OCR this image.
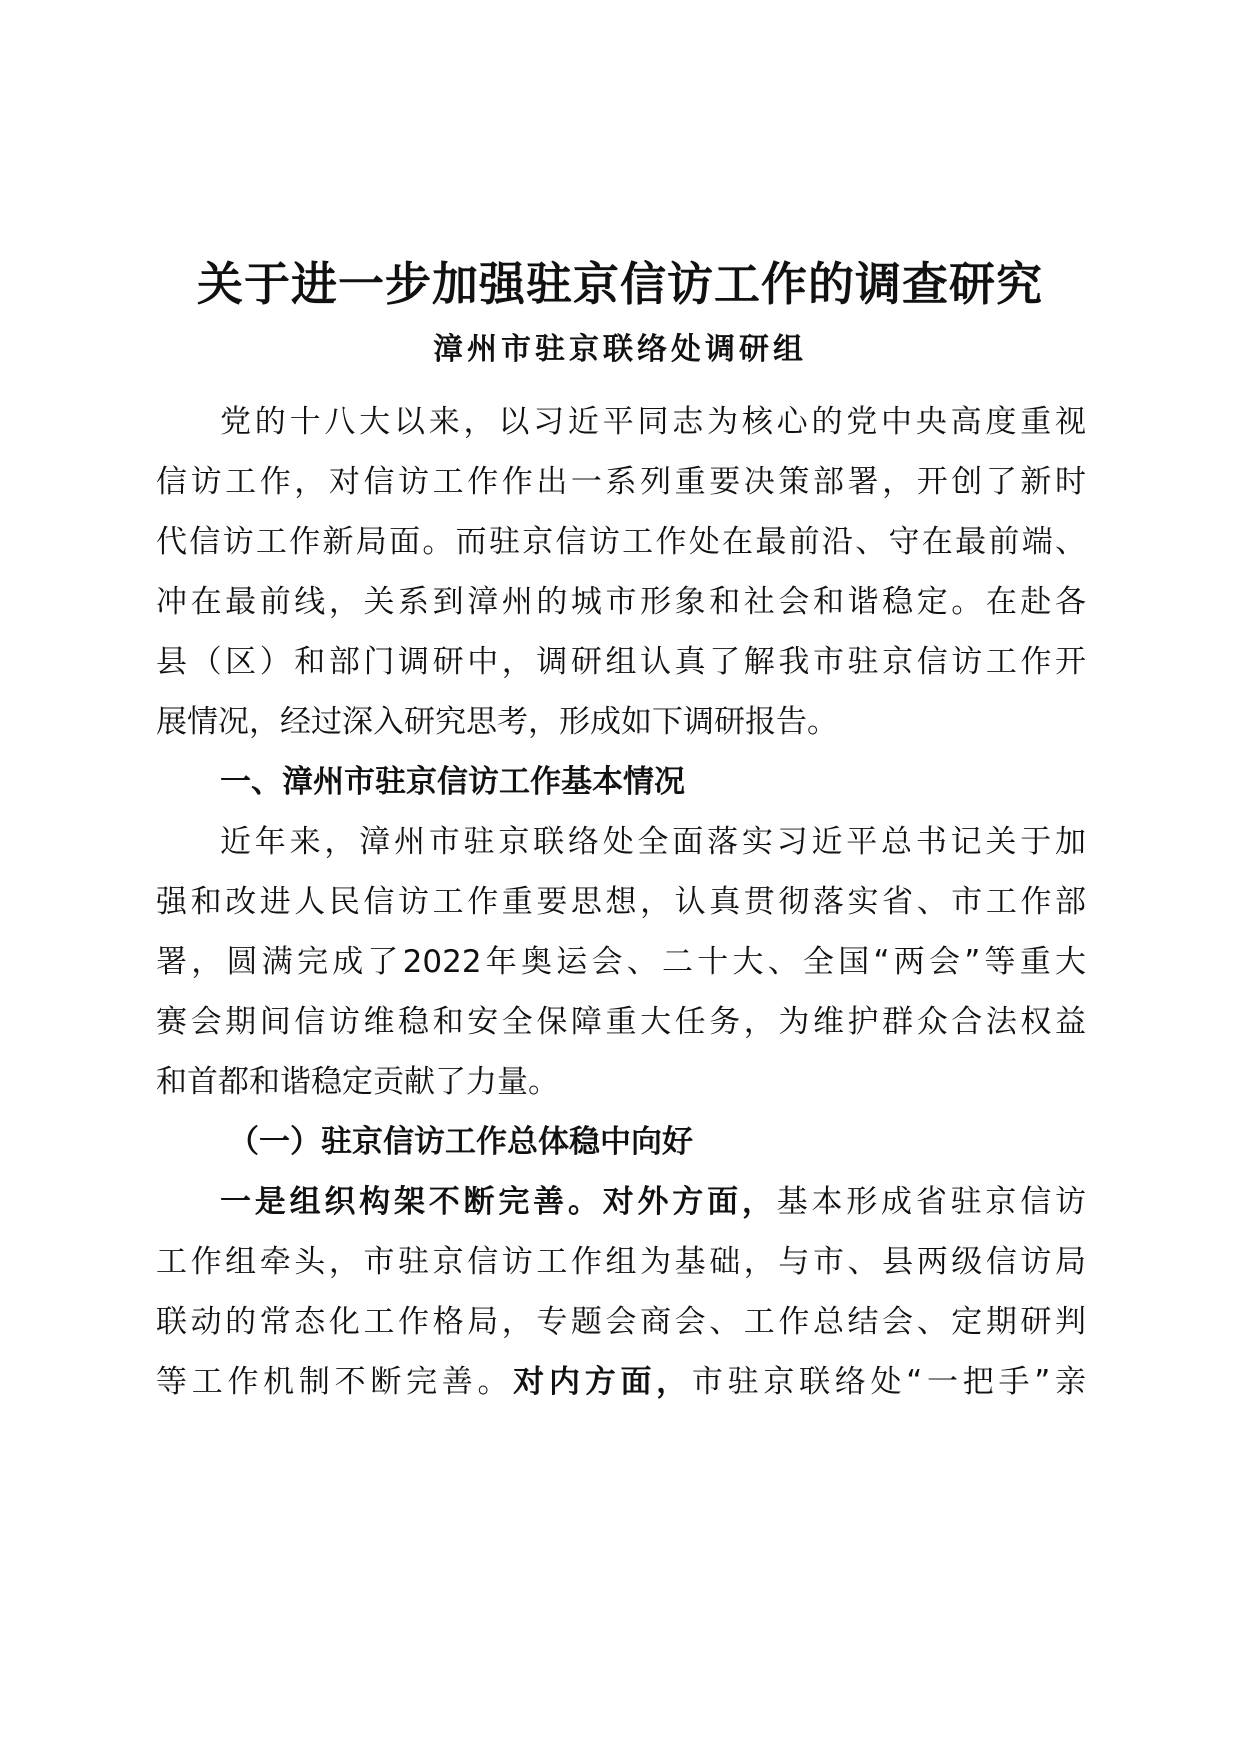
关于进一步加强驻京信访工作的调查研究
漳州市驻京联络处调研组
党的十八大以来，以习近平同志为核心的党中央高度重视
信访工作，对信访工作作出一系列重要决策部署，开创了新时
代信访工作新局面。而驻京信访工作处在最前沿、守在最前端、
冲在最前线，关系到漳州的城市形象和社会和谐稳定。在赴各
县（区）和部门调研中，调研组认真了解我市驻京信访工作开
展情况，经过深入研究思考，形成如下调研报告。
一、漳州市驻京信访工作基本情况
近年来，漳州市驻京联络处全面落实习近平总书记关于加
强和改进人民信访工作重要思想，认真贯彻落实省、市工作部
署，圆满完成了2022年奥运会、二十大、全国“两会”等重大
赛会期间信访维稳和安全保障重大任务，为维护群众合法权益
和首都和谐稳定贡献了力量。
（一）驻京信访工作总体稳中向好
一是组织构架不断完善。对外方面，基本形成省驻京信访
工作组牵头，市驻京信访工作组为基础，与市、县两级信访局
联动的常态化工作格局，专题会商会、工作总结会、定期研判
等工作机制不断完善。对内方面，市驻京联络处“一把手”亲
